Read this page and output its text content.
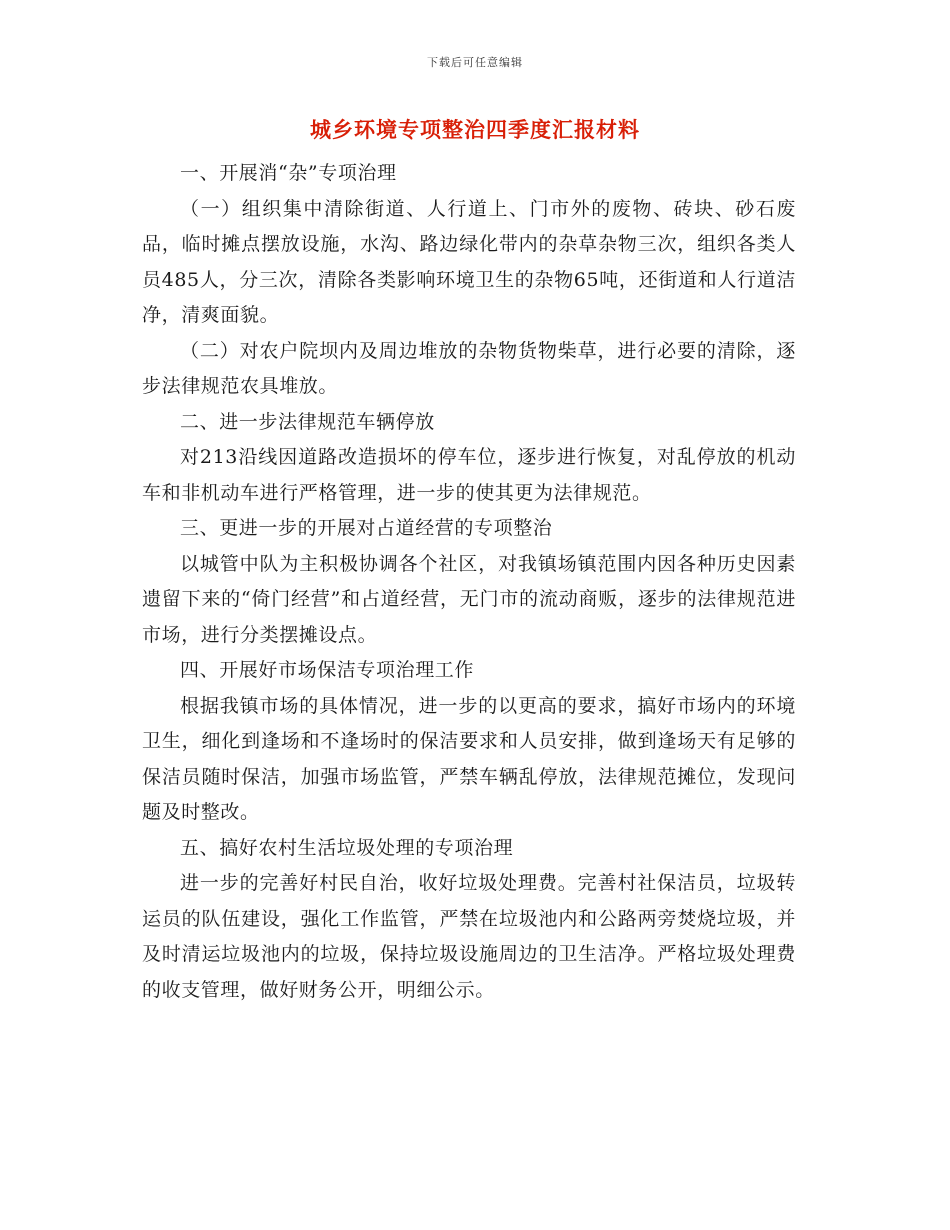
下载后可任意编辑
城乡环境专项整治四季度汇报材料

一、开展消“杂”专项治理

（一）组织集中清除街道、人行道上、门市外的废物、砖块、砂石废品，临时摊点摆放设施，水沟、路边绿化带内的杂草杂物三次，组织各类人员485人，分三次，清除各类影响环境卫生的杂物65吨，还街道和人行道洁净，清爽面貌。

（二）对农户院坝内及周边堆放的杂物货物柴草，进行必要的清除，逐步法律规范农具堆放。

二、进一步法律规范车辆停放

对213沿线因道路改造损坏的停车位，逐步进行恢复，对乱停放的机动车和非机动车进行严格管理，进一步的使其更为法律规范。

三、更进一步的开展对占道经营的专项整治

以城管中队为主积极协调各个社区，对我镇场镇范围内因各种历史因素遗留下来的“倚门经营”和占道经营，无门市的流动商贩，逐步的法律规范进市场，进行分类摆摊设点。

四、开展好市场保洁专项治理工作

根据我镇市场的具体情况，进一步的以更高的要求，搞好市场内的环境卫生，细化到逢场和不逢场时的保洁要求和人员安排，做到逢场天有足够的保洁员随时保洁，加强市场监管，严禁车辆乱停放，法律规范摊位，发现问题及时整改。

五、搞好农村生活垃圾处理的专项治理

进一步的完善好村民自治，收好垃圾处理费。完善村社保洁员，垃圾转运员的队伍建设，强化工作监管，严禁在垃圾池内和公路两旁焚烧垃圾，并及时清运垃圾池内的垃圾，保持垃圾设施周边的卫生洁净。严格垃圾处理费的收支管理，做好财务公开，明细公示。
